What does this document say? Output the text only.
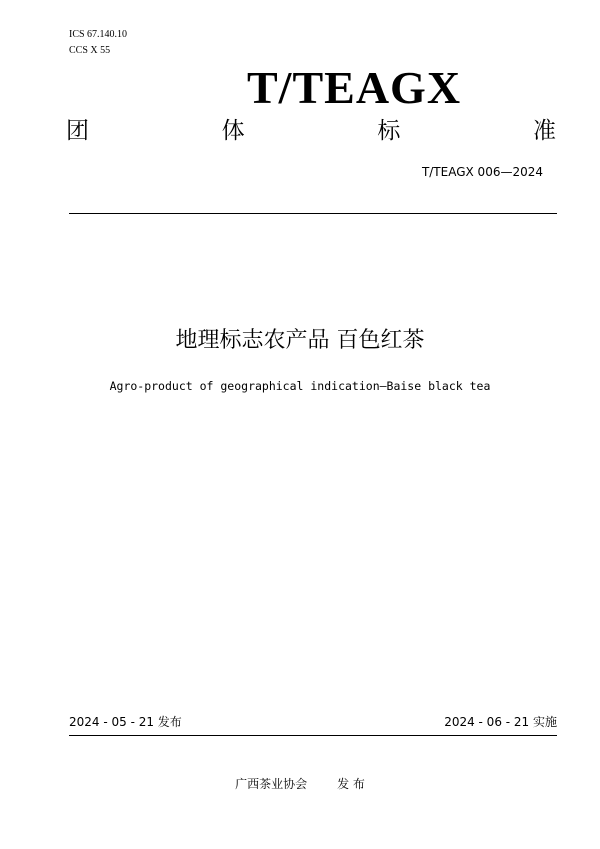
ICS 67.140.10
CCS X 55
T/TEAGX
团	体	标	准
T/TEAGX 006—2024
地理标志农产品 百色红茶
Agro-product of geographical indication—Baise black tea
2024 - 05 - 21 发布	2024 - 06 - 21 实施
广西茶业协会	发 布
